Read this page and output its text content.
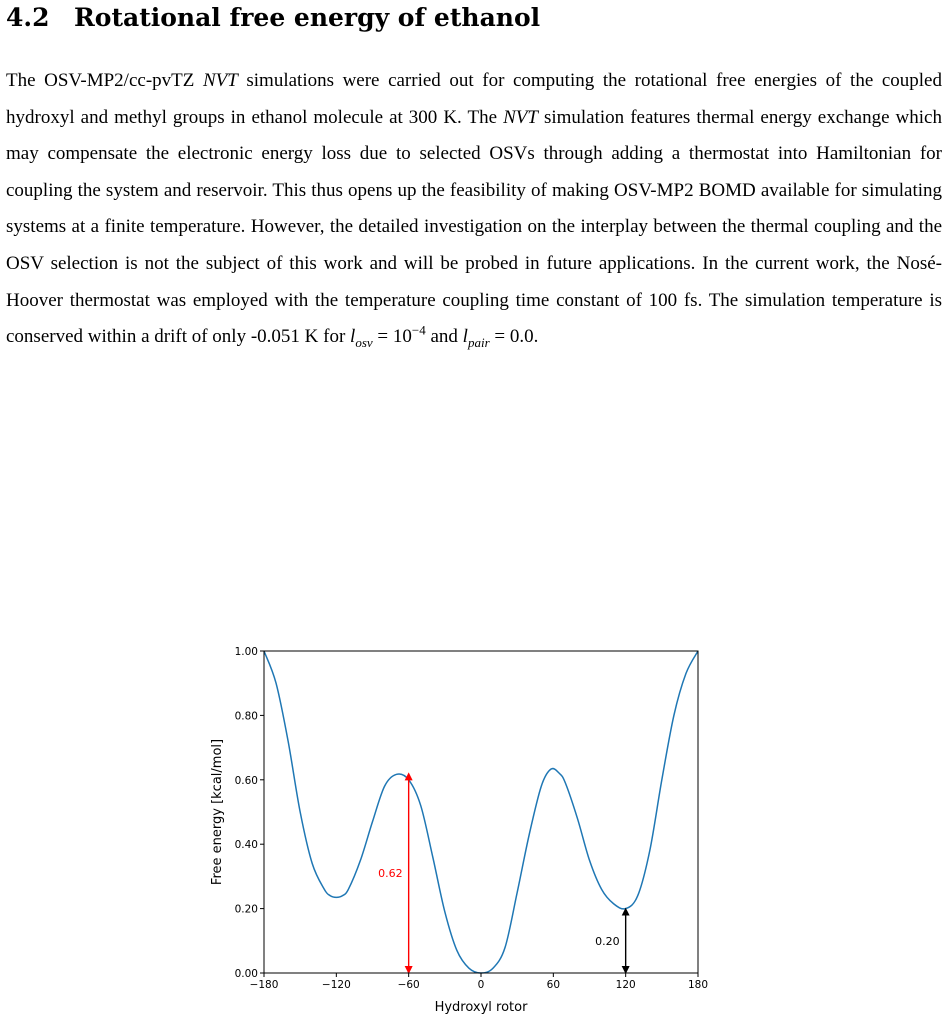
4.2 Rotational free energy of ethanol

The OSV-MP2/cc-pvTZ NVT simulations were carried out for computing the rotational free energies of the coupled hydroxyl and methyl groups in ethanol molecule at 300 K. The NVT simulation features thermal energy exchange which may compensate the electronic energy loss due to selected OSVs through adding a thermostat into Hamiltonian for coupling the system and reservoir. This thus opens up the feasibility of making OSV-MP2 BOMD available for simulating systems at a finite temperature. However, the detailed investigation on the interplay between the thermal coupling and the OSV selection is not the subject of this work and will be probed in future applications. In the current work, the Nosé-Hoover thermostat was employed with the temperature coupling time constant of 100 fs. The simulation temperature is conserved within a drift of only -0.051 K for $l_{osv} = 10^{-4}$ and $l_{pair} = 0.0$.

0.62
0.20
−180	−120	−60	0	60	120	180
0.00
0.20
0.40
0.60
0.80
1.00
Hydroxyl rotor
Free energy [kcal/mol]
